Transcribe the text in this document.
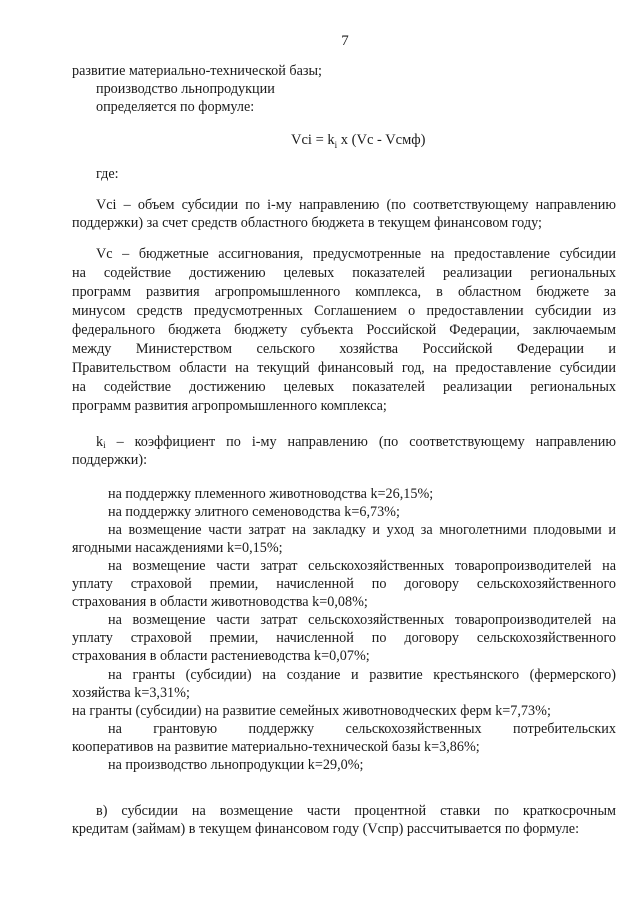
7
развитие материально-технической базы;
производство льнопродукции
определяется по формуле:
Vci = $k_i$ x (Vc - Vcмф)
где:
Vci – объем субсидии по i-му направлению (по соответствующему направлению
поддержки) за счет средств областного бюджета в текущем финансовом году;
Vc – бюджетные ассигнования, предусмотренные на предоставление субсидии
на содействие достижению целевых показателей реализации региональных
программ развития агропромышленного комплекса, в областном бюджете за
минусом средств предусмотренных Соглашением о предоставлении субсидии из
федерального бюджета бюджету субъекта Российской Федерации, заключаемым
между Министерством сельского хозяйства Российской Федерации и
Правительством области на текущий финансовый год, на предоставление субсидии
на содействие достижению целевых показателей реализации региональных
программ развития агропромышленного комплекса;
$k_i$ – коэффициент по i-му направлению (по соответствующему направлению
поддержки):
на поддержку племенного животноводства k=26,15%;
на поддержку элитного семеноводства k=6,73%;
на возмещение части затрат на закладку и уход за многолетними плодовыми и
ягодными насаждениями k=0,15%;
на возмещение части затрат сельскохозяйственных товаропроизводителей на
уплату страховой премии, начисленной по договору сельскохозяйственного
страхования в области животноводства k=0,08%;
на возмещение части затрат сельскохозяйственных товаропроизводителей на
уплату страховой премии, начисленной по договору сельскохозяйственного
страхования в области растениеводства k=0,07%;
на гранты (субсидии) на создание и развитие крестьянского (фермерского)
хозяйства k=3,31%;
на гранты (субсидии) на развитие семейных животноводческих ферм k=7,73%;
на грантовую поддержку сельскохозяйственных потребительских
кооперативов на развитие материально-технической базы k=3,86%;
на производство льнопродукции k=29,0%;
в) субсидии на возмещение части процентной ставки по краткосрочным
кредитам (займам) в текущем финансовом году (Vcпр) рассчитывается по формуле:
